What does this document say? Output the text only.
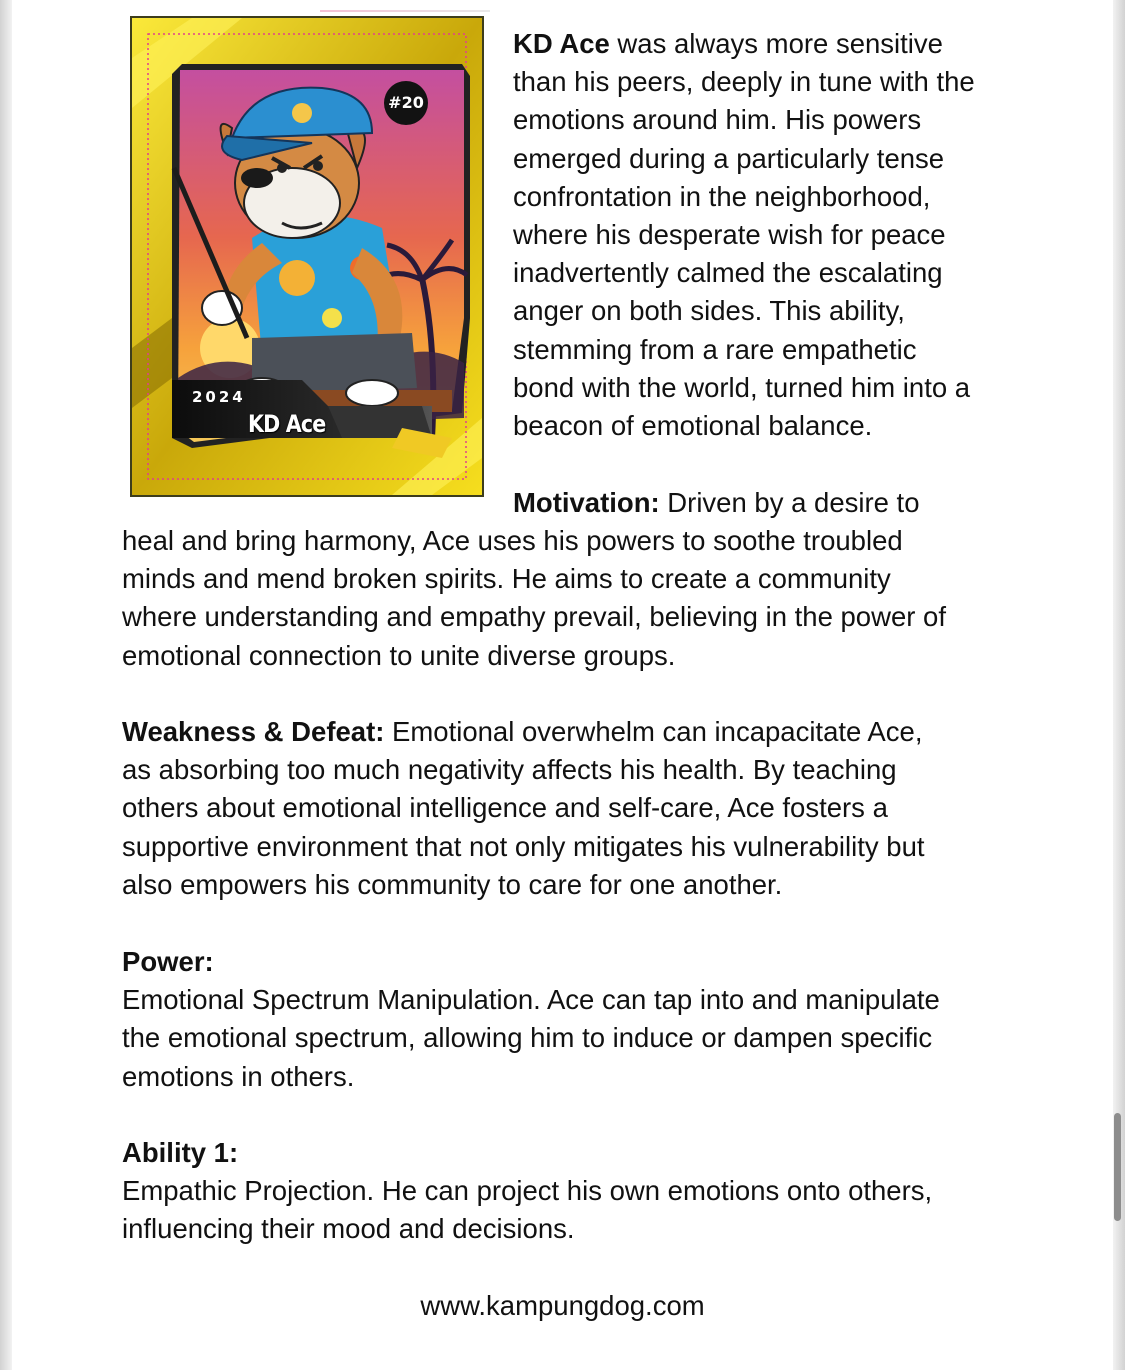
#20
2024
KD Ace

KD Ace was always more sensitive
than his peers, deeply in tune with the
emotions around him. His powers
emerged during a particularly tense
confrontation in the neighborhood,
where his desperate wish for peace
inadvertently calmed the escalating
anger on both sides. This ability,
stemming from a rare empathetic
bond with the world, turned him into a
beacon of emotional balance.

Motivation: Driven by a desire to

heal and bring harmony, Ace uses his powers to soothe troubled
minds and mend broken spirits. He aims to create a community
where understanding and empathy prevail, believing in the power of
emotional connection to unite diverse groups.

Weakness & Defeat: Emotional overwhelm can incapacitate Ace,
as absorbing too much negativity affects his health. By teaching
others about emotional intelligence and self-care, Ace fosters a
supportive environment that not only mitigates his vulnerability but
also empowers his community to care for one another.

Power:
Emotional Spectrum Manipulation. Ace can tap into and manipulate
the emotional spectrum, allowing him to induce or dampen specific
emotions in others.

Ability 1:
Empathic Projection. He can project his own emotions onto others,
influencing their mood and decisions.

www.kampungdog.com
